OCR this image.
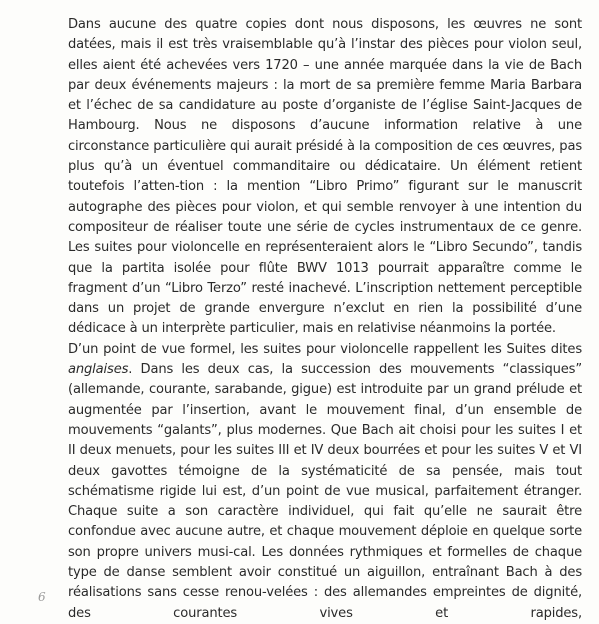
Dans aucune des quatre copies dont nous disposons, les œuvres ne sont datées, mais il est très vraisemblable qu’à l’instar des pièces pour violon seul, elles aient été achevées vers 1720 – une année marquée dans la vie de Bach par deux événements majeurs : la mort de sa première femme Maria Barbara et l’échec de sa candidature au poste d’organiste de l’église Saint-Jacques de Hambourg. Nous ne disposons d’aucune information relative à une circonstance particulière qui aurait présidé à la composition de ces œuvres, pas plus qu’à un éventuel commanditaire ou dédicataire. Un élément retient toutefois l’atten-tion : la mention “Libro Primo” figurant sur le manuscrit autographe des pièces pour violon, et qui semble renvoyer à une intention du compositeur de réaliser toute une série de cycles instrumentaux de ce genre. Les suites pour violoncelle en représenteraient alors le “Libro Secundo”, tandis que la partita isolée pour flûte BWV 1013 pourrait apparaître comme le fragment d’un “Libro Terzo” resté inachevé. L’inscription nettement perceptible dans un projet de grande envergure n’exclut en rien la possibilité d’une dédicace à un interprète particulier, mais en relativise néanmoins la portée.

D’un point de vue formel, les suites pour violoncelle rappellent les Suites dites anglaises. Dans les deux cas, la succession des mouvements “classiques” (allemande, courante, sarabande, gigue) est introduite par un grand prélude et augmentée par l’insertion, avant le mouvement final, d’un ensemble de mouvements “galants”, plus modernes. Que Bach ait choisi pour les suites I et II deux menuets, pour les suites III et IV deux bourrées et pour les suites V et VI deux gavottes témoigne de la systématicité de sa pensée, mais tout schématisme rigide lui est, d’un point de vue musical, parfaitement étranger. Chaque suite a son caractère individuel, qui fait qu’elle ne saurait être confondue avec aucune autre, et chaque mouvement déploie en quelque sorte son propre univers musi-cal. Les données rythmiques et formelles de chaque type de danse semblent avoir constitué un aiguillon, entraînant Bach à des réalisations sans cesse renou-velées : des allemandes empreintes de dignité, des courantes vives et rapides,

6
